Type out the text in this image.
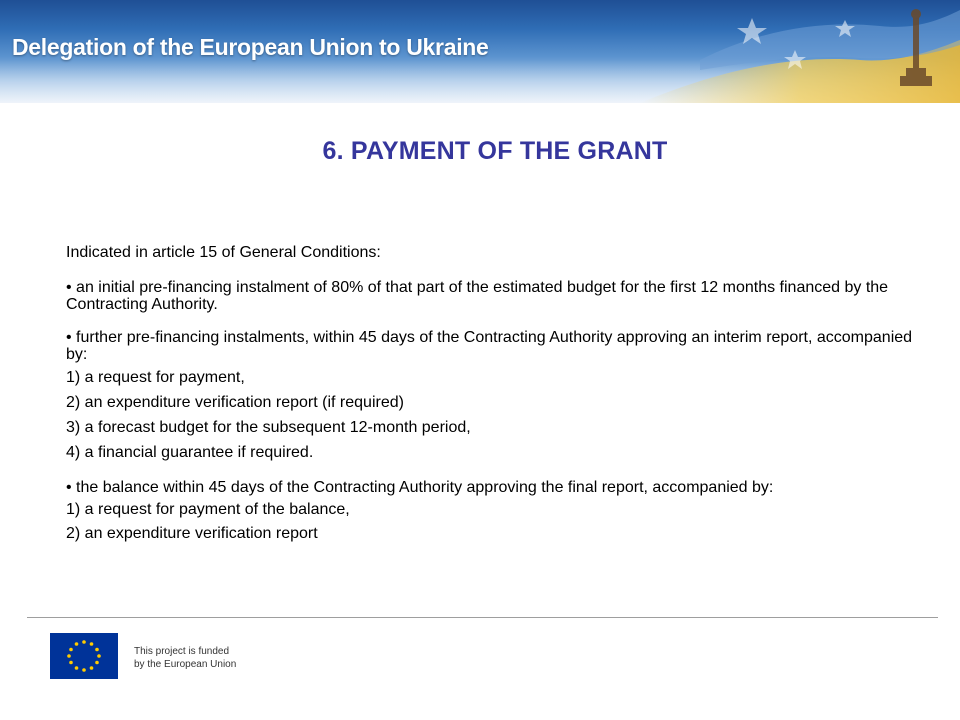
Delegation of the European Union to Ukraine
6. PAYMENT OF THE GRANT

Indicated in article 15 of General Conditions:

• an initial pre-financing instalment of 80% of that part of the estimated budget for the first 12 months financed by the Contracting Authority.

• further pre-financing instalments, within 45 days of the Contracting Authority approving an interim report, accompanied by:

1) a request for payment,

2) an expenditure verification report (if required)

3) a forecast budget for the subsequent 12-month period,

4) a financial guarantee if required.

• the balance within 45 days of the Contracting Authority approving the final report, accompanied by:

1) a request for payment of the balance,

2) an expenditure verification report

This project is funded
by the European Union
